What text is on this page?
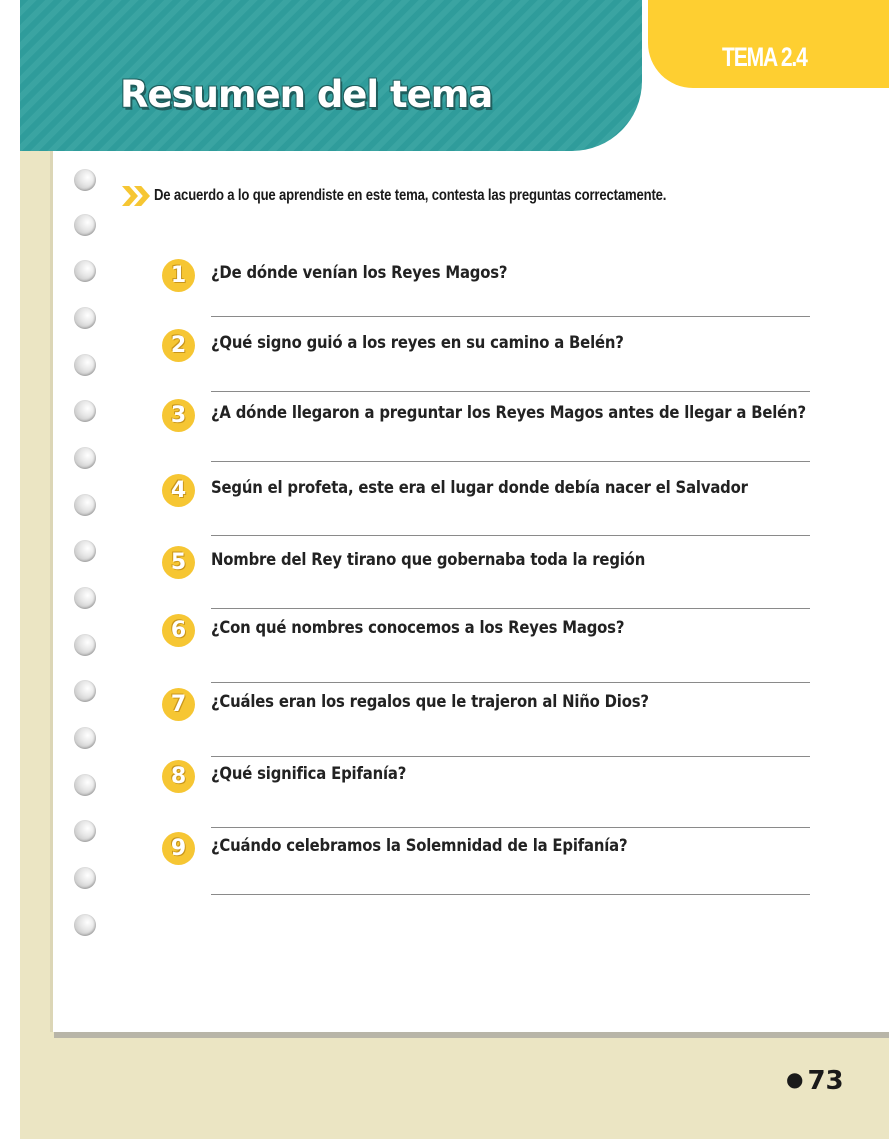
Resumen del tema
TEMA 2.4
De acuerdo a lo que aprendiste en este tema, contesta las preguntas correctamente.
1	¿De dónde venían los Reyes Magos?
2	¿Qué signo guió a los reyes en su camino a Belén?
3	¿A dónde llegaron a preguntar los Reyes Magos antes de llegar a Belén?
4	Según el profeta, este era el lugar donde debía nacer el Salvador
5	Nombre del Rey tirano que gobernaba toda la región
6	¿Con qué nombres conocemos a los Reyes Magos?
7	¿Cuáles eran los regalos que le trajeron al Niño Dios?
8	¿Qué significa Epifanía?
9	¿Cuándo celebramos la Solemnidad de la Epifanía?
● 73
